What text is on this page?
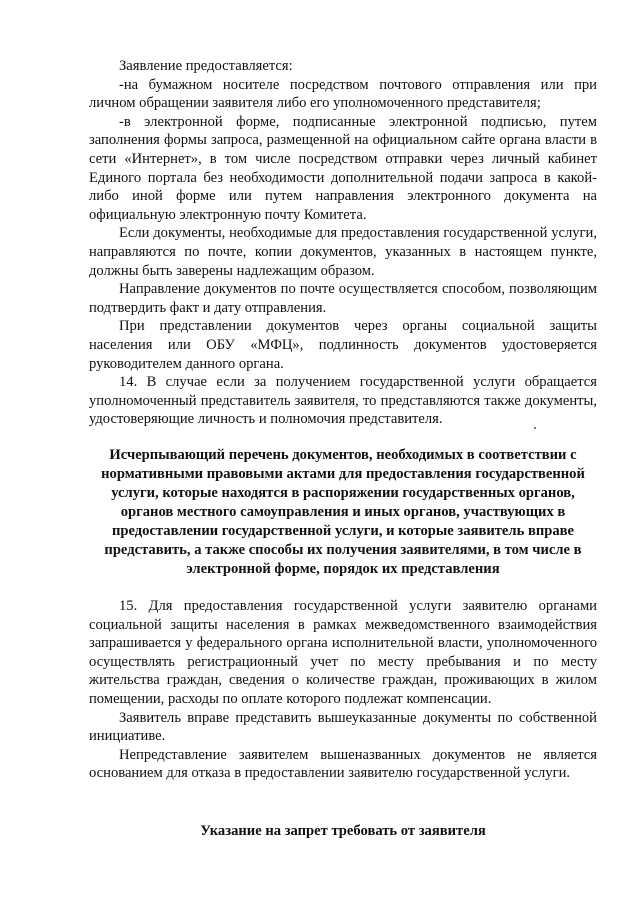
Заявление предоставляется:

-на бумажном носителе посредством почтового отправления или при личном обращении заявителя либо его уполномоченного представителя;

-в электронной форме, подписанные электронной подписью, путем заполнения формы запроса, размещенной на официальном сайте органа власти в сети «Интернет», в том числе посредством отправки через личный кабинет Единого портала без необходимости дополнительной подачи запроса в какой-либо иной форме или путем направления электронного документа на официальную электронную почту Комитета.

Если документы, необходимые для предоставления государственной услуги, направляются по почте, копии документов, указанных в настоящем пункте, должны быть заверены надлежащим образом.

Направление документов по почте осуществляется способом, позволяющим подтвердить факт и дату отправления.

При представлении документов через органы социальной защиты населения или ОБУ «МФЦ», подлинность документов удостоверяется руководителем данного органа.

14. В случае если за получением государственной услуги обращается уполномоченный представитель заявителя, то представляются также документы, удостоверяющие личность и полномочия представителя.

Исчерпывающий перечень документов, необходимых в соответствии с нормативными правовыми актами для предоставления государственной услуги, которые находятся в распоряжении государственных органов, органов местного самоуправления и иных органов, участвующих в предоставлении государственной услуги, и которые заявитель вправе представить, а также способы их получения заявителями, в том числе в электронной форме, порядок их представления

15. Для предоставления государственной услуги заявителю органами социальной защиты населения в рамках межведомственного взаимодействия запрашивается у федерального органа исполнительной власти, уполномоченного осуществлять регистрационный учет по месту пребывания и по месту жительства граждан, сведения о количестве граждан, проживающих в жилом помещении, расходы по оплате которого подлежат компенсации.

Заявитель вправе представить вышеуказанные документы по собственной инициативе.

Непредставление заявителем вышеназванных документов не является основанием для отказа в предоставлении заявителю государственной услуги.

Указание на запрет требовать от заявителя
